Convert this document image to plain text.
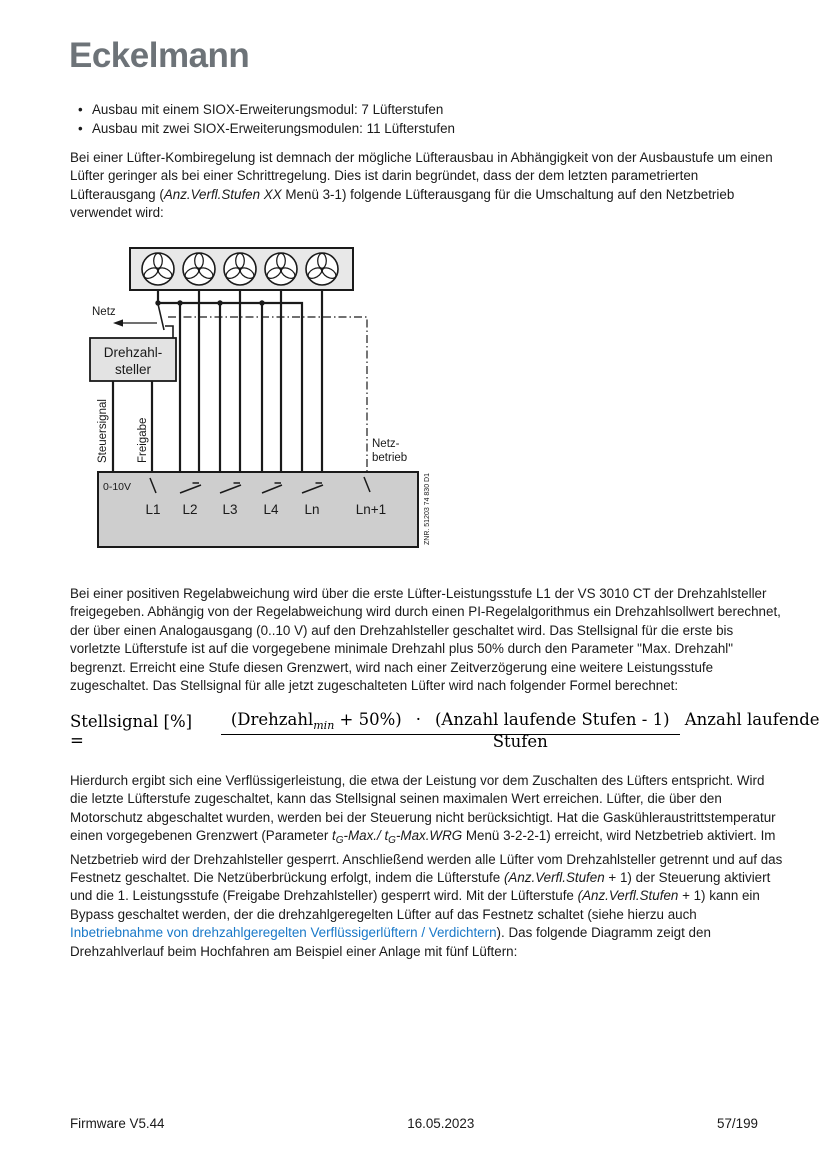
Eckelmann
• Ausbau mit einem SIOX-Erweiterungsmodul: 7 Lüfterstufen
• Ausbau mit zwei SIOX-Erweiterungsmodulen: 11 Lüfterstufen
Bei einer Lüfter-Kombiregelung ist demnach der mögliche Lüfterausbau in Abhängigkeit von der Ausbaustufe um einen Lüfter geringer als bei einer Schrittregelung. Dies ist darin begründet, dass der dem letzten parametrierten Lüfterausgang (Anz.Verfl.Stufen XX Menü 3-1) folgende Lüfterausgang für die Umschaltung auf den Netzbetrieb verwendet wird:
Netz
Drehzahl-
steller
Steuersignal Freigabe	Netz-
betrieb
0-10V
L1 L2 L3 L4 Ln	Ln+1	ZNR. 51203 74 830 D1
Bei einer positiven Regelabweichung wird über die erste Lüfter-Leistungsstufe L1 der VS 3010 CT der Drehzahlsteller freigegeben. Abhängig von der Regelabweichung wird durch einen PI-Regelalgorithmus ein Drehzahlsollwert berechnet, der über einen Analogausgang (0..10 V) auf den Drehzahlsteller geschaltet wird. Das Stellsignal für die erste bis vorletzte Lüfterstufe ist auf die vorgegebene minimale Drehzahl plus 50% durch den Parameter "Max. Drehzahl" begrenzt. Erreicht eine Stufe diesen Grenzwert, wird nach einer Zeitverzögerung eine weitere Leistungsstufe zugeschaltet. Das Stellsignal für alle jetzt zugeschalteten Lüfter wird nach folgender Formel berechnet:
Stellsignal [%] =
(Drehzahl$_{min}$ + 50%) · (Anzahl laufende Stufen - 1) Anzahl laufende Stufen
Hierdurch ergibt sich eine Verflüssigerleistung, die etwa der Leistung vor dem Zuschalten des Lüfters entspricht. Wird die letzte Lüfterstufe zugeschaltet, kann das Stellsignal seinen maximalen Wert erreichen. Lüfter, die über den Motorschutz abgeschaltet wurden, werden bei der Steuerung nicht berücksichtigt. Hat die Gaskühleraustrittstemperatur einen vorgegebenen Grenzwert (Parameter $t_G-Max./$ $t_G-Max.WRG$ Menü 3-2-2-1) erreicht, wird Netzbetrieb aktiviert. Im Netzbetrieb wird der Drehzahlsteller gesperrt. Anschließend werden alle Lüfter vom Drehzahlsteller getrennt und auf das Festnetz geschaltet. Die Netzüberbrückung erfolgt, indem die Lüfterstufe (Anz.Verfl.Stufen + 1) der Steuerung aktiviert und die 1. Leistungsstufe (Freigabe Drehzahlsteller) gesperrt wird. Mit der Lüfterstufe (Anz.Verfl.Stufen + 1) kann ein Bypass geschaltet werden, der die drehzahlgeregelten Lüfter auf das Festnetz schaltet (siehe hierzu auch Inbetriebnahme von drehzahlgeregelten Verflüssigerlüftern / Verdichtern). Das folgende Diagramm zeigt den Drehzahlverlauf beim Hochfahren am Beispiel einer Anlage mit fünf Lüftern:
Firmware V5.44	16.05.2023	57/199
